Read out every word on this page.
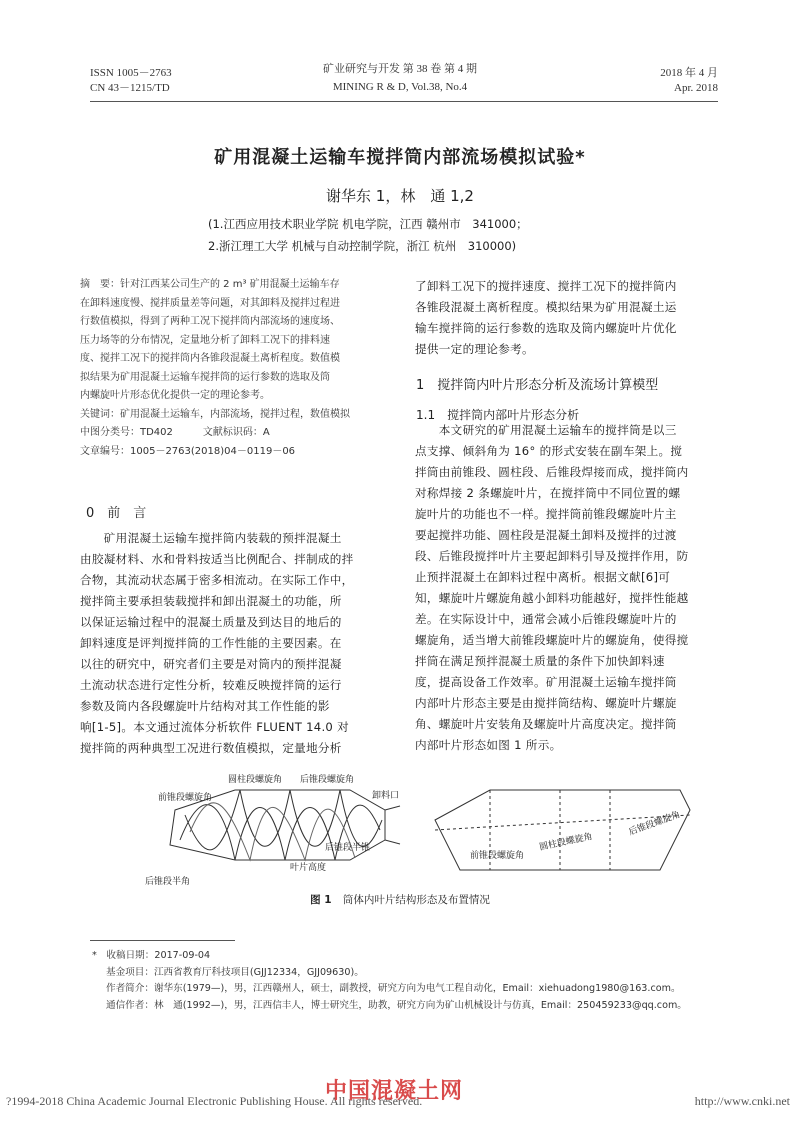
ISSN 1005－2763
CN 43－1215/TD
矿业研究与开发 第 38 卷 第 4 期
MINING R & D, Vol.38, No.4
2018 年 4 月
Apr. 2018
矿用混凝土运输车搅拌筒内部流场模拟试验*
谢华东 1，林　通 1,2
(1.江西应用技术职业学院 机电学院，江西 赣州市　341000；
2.浙江理工大学 机械与自动控制学院，浙江 杭州　310000)
摘　要：针对江西某公司生产的 2 m³ 矿用混凝土运输车存
在卸料速度慢、搅拌质量差等问题，对其卸料及搅拌过程进
行数值模拟，得到了两种工况下搅拌筒内部流场的速度场、
压力场等的分布情况，定量地分析了卸料工况下的排料速
度、搅拌工况下的搅拌筒内各锥段混凝土离析程度。数值模
拟结果为矿用混凝土运输车搅拌筒的运行参数的选取及筒
内螺旋叶片形态优化提供一定的理论参考。
关键词：矿用混凝土运输车，内部流场，搅拌过程，数值模拟
中图分类号：TD402　　　文献标识码：A
文章编号：1005－2763(2018)04－0119－06
了卸料工况下的搅拌速度、搅拌工况下的搅拌筒内
各锥段混凝土离析程度。模拟结果为矿用混凝土运
输车搅拌筒的运行参数的选取及筒内螺旋叶片优化
提供一定的理论参考。
0　前　言
　　矿用混凝土运输车搅拌筒内装载的预拌混凝土
由胶凝材料、水和骨料按适当比例配合、拌制成的拌
合物，其流动状态属于密多相流动。在实际工作中，
搅拌筒主要承担装载搅拌和卸出混凝土的功能，所
以保证运输过程中的混凝土质量及到达目的地后的
卸料速度是评判搅拌筒的工作性能的主要因素。在
以往的研究中，研究者们主要是对筒内的预拌混凝
土流动状态进行定性分析，较难反映搅拌筒的运行
参数及筒内各段螺旋叶片结构对其工作性能的影
响[1-5]。本文通过流体分析软件 FLUENT 14.0 对
搅拌筒的两种典型工况进行数值模拟，定量地分析
1　搅拌筒内叶片形态分析及流场计算模型
1.1　搅拌筒内部叶片形态分析
　　本文研究的矿用混凝土运输车的搅拌筒是以三
点支撑、倾斜角为 16° 的形式安装在副车架上。搅
拌筒由前锥段、圆柱段、后锥段焊接而成，搅拌筒内
对称焊接 2 条螺旋叶片，在搅拌筒中不同位置的螺
旋叶片的功能也不一样。搅拌筒前锥段螺旋叶片主
要起搅拌功能、圆柱段是混凝土卸料及搅拌的过渡
段、后锥段搅拌叶片主要起卸料引导及搅拌作用，防
止预拌混凝土在卸料过程中离析。根据文献[6]可
知，螺旋叶片螺旋角越小卸料功能越好，搅拌性能越
差。在实际设计中，通常会减小后锥段螺旋叶片的
螺旋角，适当增大前锥段螺旋叶片的螺旋角，使得搅
拌筒在满足预拌混凝土质量的条件下加快卸料速
度，提高设备工作效率。矿用混凝土运输车搅拌筒
内部叶片形态主要是由搅拌筒结构、螺旋叶片螺旋
角、螺旋叶片安装角及螺旋叶片高度决定。搅拌筒
内部叶片形态如图 1 所示。
前锥段螺旋角
圆柱段螺旋角 后锥段螺旋角
卸料口
后锥段半锥
叶片高度
后锥段半角
前锥段螺旋角
圆柱段螺旋角
后锥段螺旋角
图 1 筒体内叶片结构形态及布置情况
*　收稿日期：2017-09-04
基金项目：江西省教育厅科技项目(GJJ12334，GJJ09630)。
作者简介：谢华东(1979—)，男，江西赣州人，硕士，副教授，研究方向为电气工程自动化，Email：xiehuadong1980@163.com。
通信作者：林　通(1992—)，男，江西信丰人，博士研究生，助教，研究方向为矿山机械设计与仿真，Email：250459233@qq.com。
?1994-2018 China Academic Journal Electronic Publishing House. All rights reserved.	http://www.cnki.net
中国混凝土网
